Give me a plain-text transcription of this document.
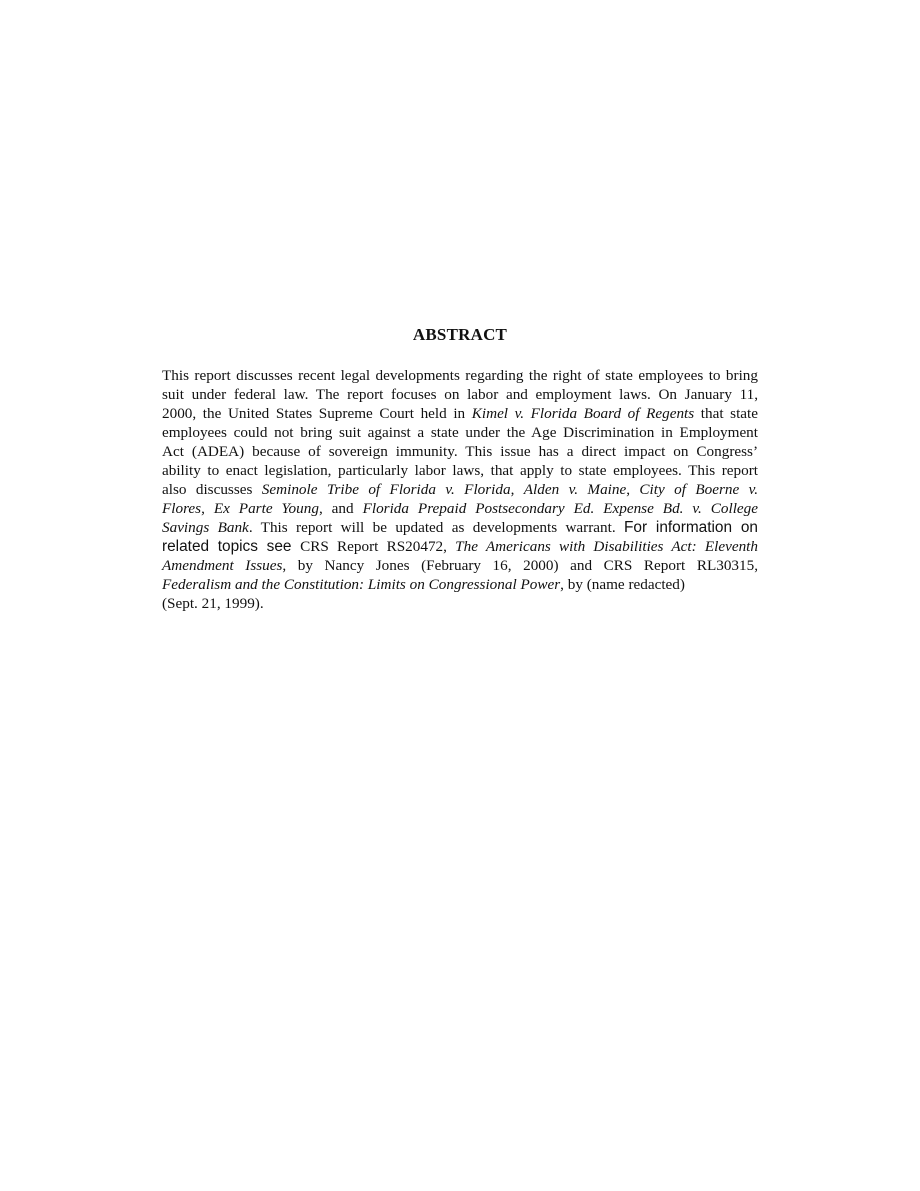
ABSTRACT
This report discusses recent legal developments regarding the right of state employees to bring
suit under federal law. The report focuses on labor and employment laws. On January 11,
2000, the United States Supreme Court held in Kimel v. Florida Board of Regents that state
employees could not bring suit against a state under the Age Discrimination in Employment
Act (ADEA) because of sovereign immunity. This issue has a direct impact on Congress’
ability to enact legislation, particularly labor laws, that apply to state employees. This report
also discusses Seminole Tribe of Florida v. Florida, Alden v. Maine, City of Boerne v.
Flores, Ex Parte Young, and Florida Prepaid Postsecondary Ed. Expense Bd. v. College
Savings Bank. This report will be updated as developments warrant. For information on
related topics see CRS Report RS20472, The Americans with Disabilities Act: Eleventh
Amendment Issues, by Nancy Jones (February 16, 2000) and CRS Report RL30315,
Federalism and the Constitution: Limits on Congressional Power, by (name redacted)
(Sept. 21, 1999).
